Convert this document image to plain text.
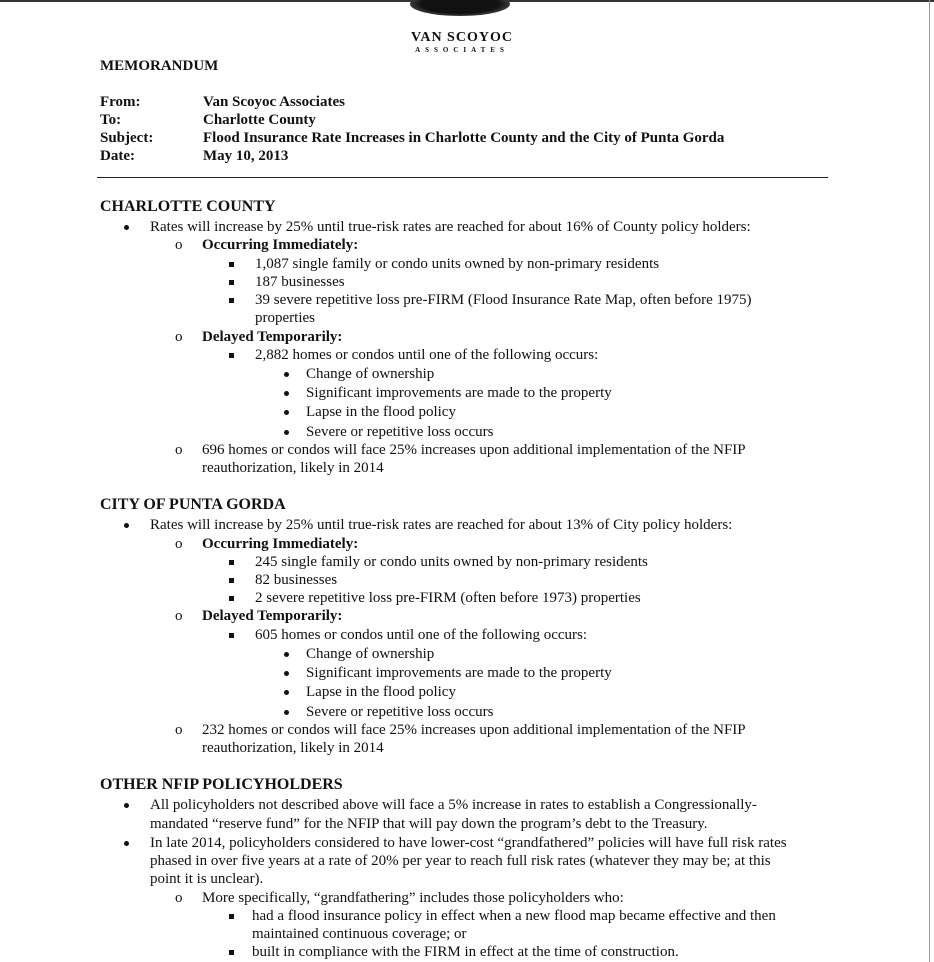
VAN SCOYOC
ASSOCIATES
MEMORANDUM
From:	Van Scoyoc Associates
To:	Charlotte County
Subject:	Flood Insurance Rate Increases in Charlotte County and the City of Punta Gorda
Date:	May 10, 2013
CHARLOTTE COUNTY
Rates will increase by 25% until true-risk rates are reached for about 16% of County policy holders:
o Occurring Immediately:
1,087 single family or condo units owned by non-primary residents
187 businesses
39 severe repetitive loss pre-FIRM (Flood Insurance Rate Map, often before 1975)
properties
o Delayed Temporarily:
2,882 homes or condos until one of the following occurs:
Change of ownership
Significant improvements are made to the property
Lapse in the flood policy
Severe or repetitive loss occurs
o 696 homes or condos will face 25% increases upon additional implementation of the NFIP
reauthorization, likely in 2014
CITY OF PUNTA GORDA
Rates will increase by 25% until true-risk rates are reached for about 13% of City policy holders:
o Occurring Immediately:
245 single family or condo units owned by non-primary residents
82 businesses
2 severe repetitive loss pre-FIRM (often before 1973) properties
o Delayed Temporarily:
605 homes or condos until one of the following occurs:
Change of ownership
Significant improvements are made to the property
Lapse in the flood policy
Severe or repetitive loss occurs
o 232 homes or condos will face 25% increases upon additional implementation of the NFIP
reauthorization, likely in 2014
OTHER NFIP POLICYHOLDERS
All policyholders not described above will face a 5% increase in rates to establish a Congressionally-
mandated “reserve fund” for the NFIP that will pay down the program’s debt to the Treasury.
In late 2014, policyholders considered to have lower-cost “grandfathered” policies will have full risk rates
phased in over five years at a rate of 20% per year to reach full risk rates (whatever they may be; at this
point it is unclear).
o More specifically, “grandfathering” includes those policyholders who:
had a flood insurance policy in effect when a new flood map became effective and then
maintained continuous coverage; or
built in compliance with the FIRM in effect at the time of construction.
